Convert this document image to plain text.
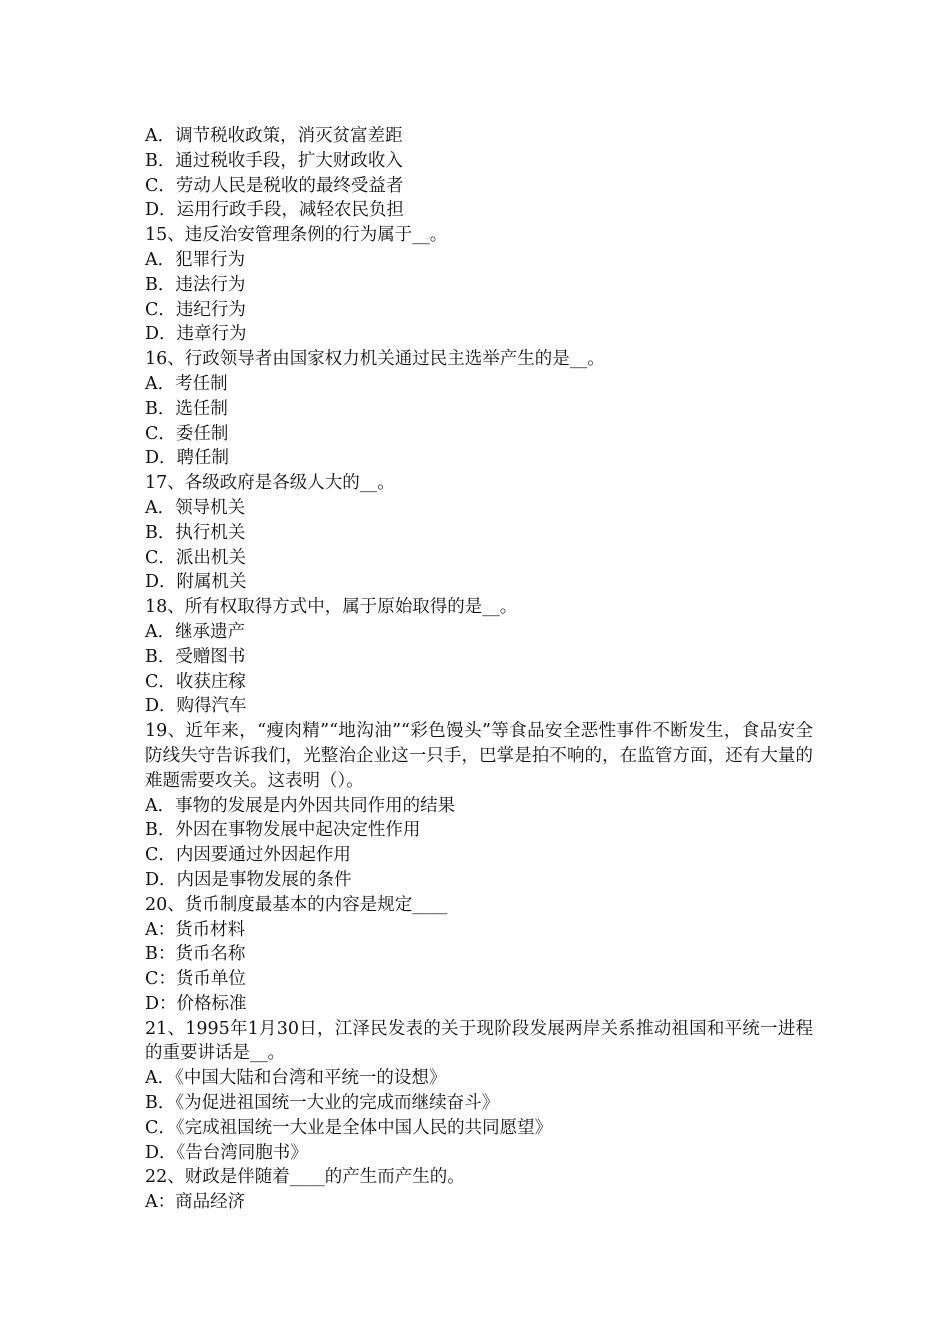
A．调节税收政策，消灭贫富差距

B．通过税收手段，扩大财政收入

C．劳动人民是税收的最终受益者

D．运用行政手段，减轻农民负担

15、违反治安管理条例的行为属于__。

A．犯罪行为

B．违法行为

C．违纪行为

D．违章行为

16、行政领导者由国家权力机关通过民主选举产生的是__。

A．考任制

B．选任制

C．委任制

D．聘任制

17、各级政府是各级人大的__。

A．领导机关

B．执行机关

C．派出机关

D．附属机关

18、所有权取得方式中，属于原始取得的是__。

A．继承遗产

B．受赠图书

C．收获庄稼

D．购得汽车

19、近年来，“瘦肉精”“地沟油”“彩色馒头”等食品安全恶性事件不断发生，食品安全防线失守告诉我们，光整治企业这一只手，巴掌是拍不响的，在监管方面，还有大量的难题需要攻关。这表明（）。

A．事物的发展是内外因共同作用的结果

B．外因在事物发展中起决定性作用

C．内因要通过外因起作用

D．内因是事物发展的条件

20、货币制度最基本的内容是规定____

A：货币材料

B：货币名称

C：货币单位

D：价格标准

21、1995年1月30日，江泽民发表的关于现阶段发展两岸关系推动祖国和平统一进程的重要讲话是__。

A．《中国大陆和台湾和平统一的设想》

B．《为促进祖国统一大业的完成而继续奋斗》

C．《完成祖国统一大业是全体中国人民的共同愿望》

D．《告台湾同胞书》

22、财政是伴随着____的产生而产生的。

A：商品经济
